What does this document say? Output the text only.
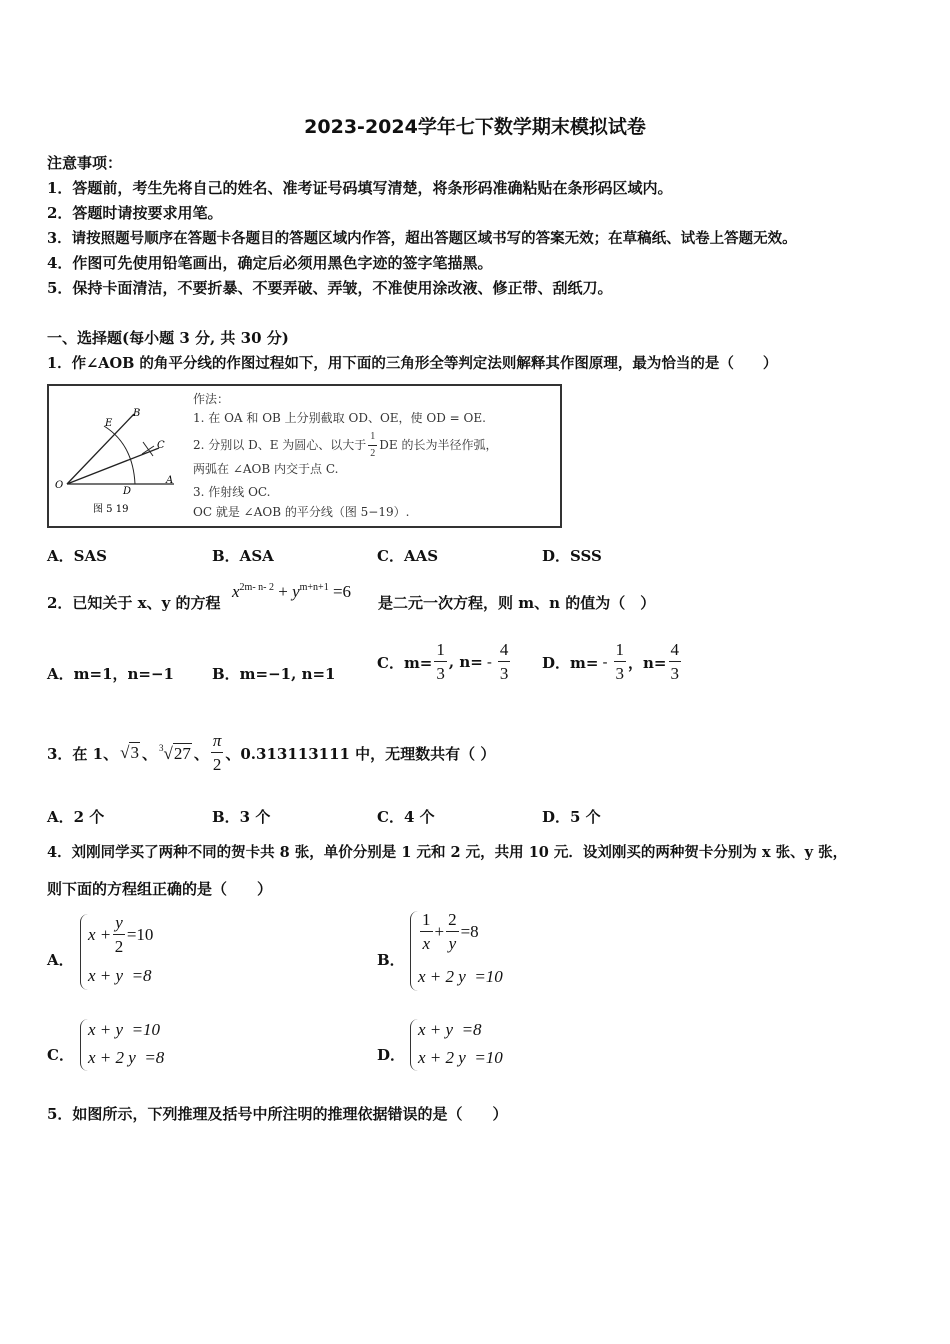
2023-2024学年七下数学期末模拟试卷
注意事项：
1．答题前，考生先将自己的姓名、准考证号码填写清楚，将条形码准确粘贴在条形码区域内。
2．答题时请按要求用笔。
3．请按照题号顺序在答题卡各题目的答题区域内作答，超出答题区域书写的答案无效；在草稿纸、试卷上答题无效。
4．作图可先使用铅笔画出，确定后必须用黑色字迹的签字笔描黑。
5．保持卡面清洁，不要折暴、不要弄破、弄皱，不准使用涂改液、修正带、刮纸刀。
一、选择题(每小题 3 分, 共 30 分)
1．作∠AOB 的角平分线的作图过程如下，用下面的三角形全等判定法则解释其作图原理，最为恰当的是（　　）
O	A
B
C
D
E
图 5 19
作法：
1. 在 OA 和 OB 上分别截取 OD、OE，使 OD = OE.
2. 分别以 D、E 为圆心、以大于 $\frac{1}{2}$ DE 的长为半径作弧，
两弧在 ∠AOB 内交于点 C.
3. 作射线 OC.
OC 就是 ∠AOB 的平分线（图 5−19）.
A．SAS	B．ASA	C．AAS	D．SSS
2．已知关于 x、y 的方程
$x^{2m- n- 2} + y^{m+n+1} =6$
是二元一次方程，则 m、n 的值为（　）
A．m=1，n=−1	B．m=−1, n=1
C．$m= \frac{1}{3}$ , $n= - \frac{4}{3}$ D．$m= - \frac{1}{3}$ ，$n= \frac{4}{3}$
3．在 1、 √3 、 $^3$√27 、 $\frac{\pi}{2}$ 、0.313113111 中，无理数共有（ ）
A．2 个	B．3 个	C．4 个	D．5 个
4．刘刚同学买了两种不同的贺卡共 8 张，单价分别是 1 元和 2 元，共用 10 元．设刘刚买的两种贺卡分别为 x 张、y 张，
则下面的方程组正确的是（　　）
A．
$x + \frac{y}{2} =10$
x + y  =8
B．
$\frac{1}{x} + \frac{2}{y} =8$
x + 2 y  =10
C．
x + y  =10
x + 2 y  =8	D．
x + y  =8
x + 2 y  =10
5．如图所示，下列推理及括号中所注明的推理依据错误的是（　　）
